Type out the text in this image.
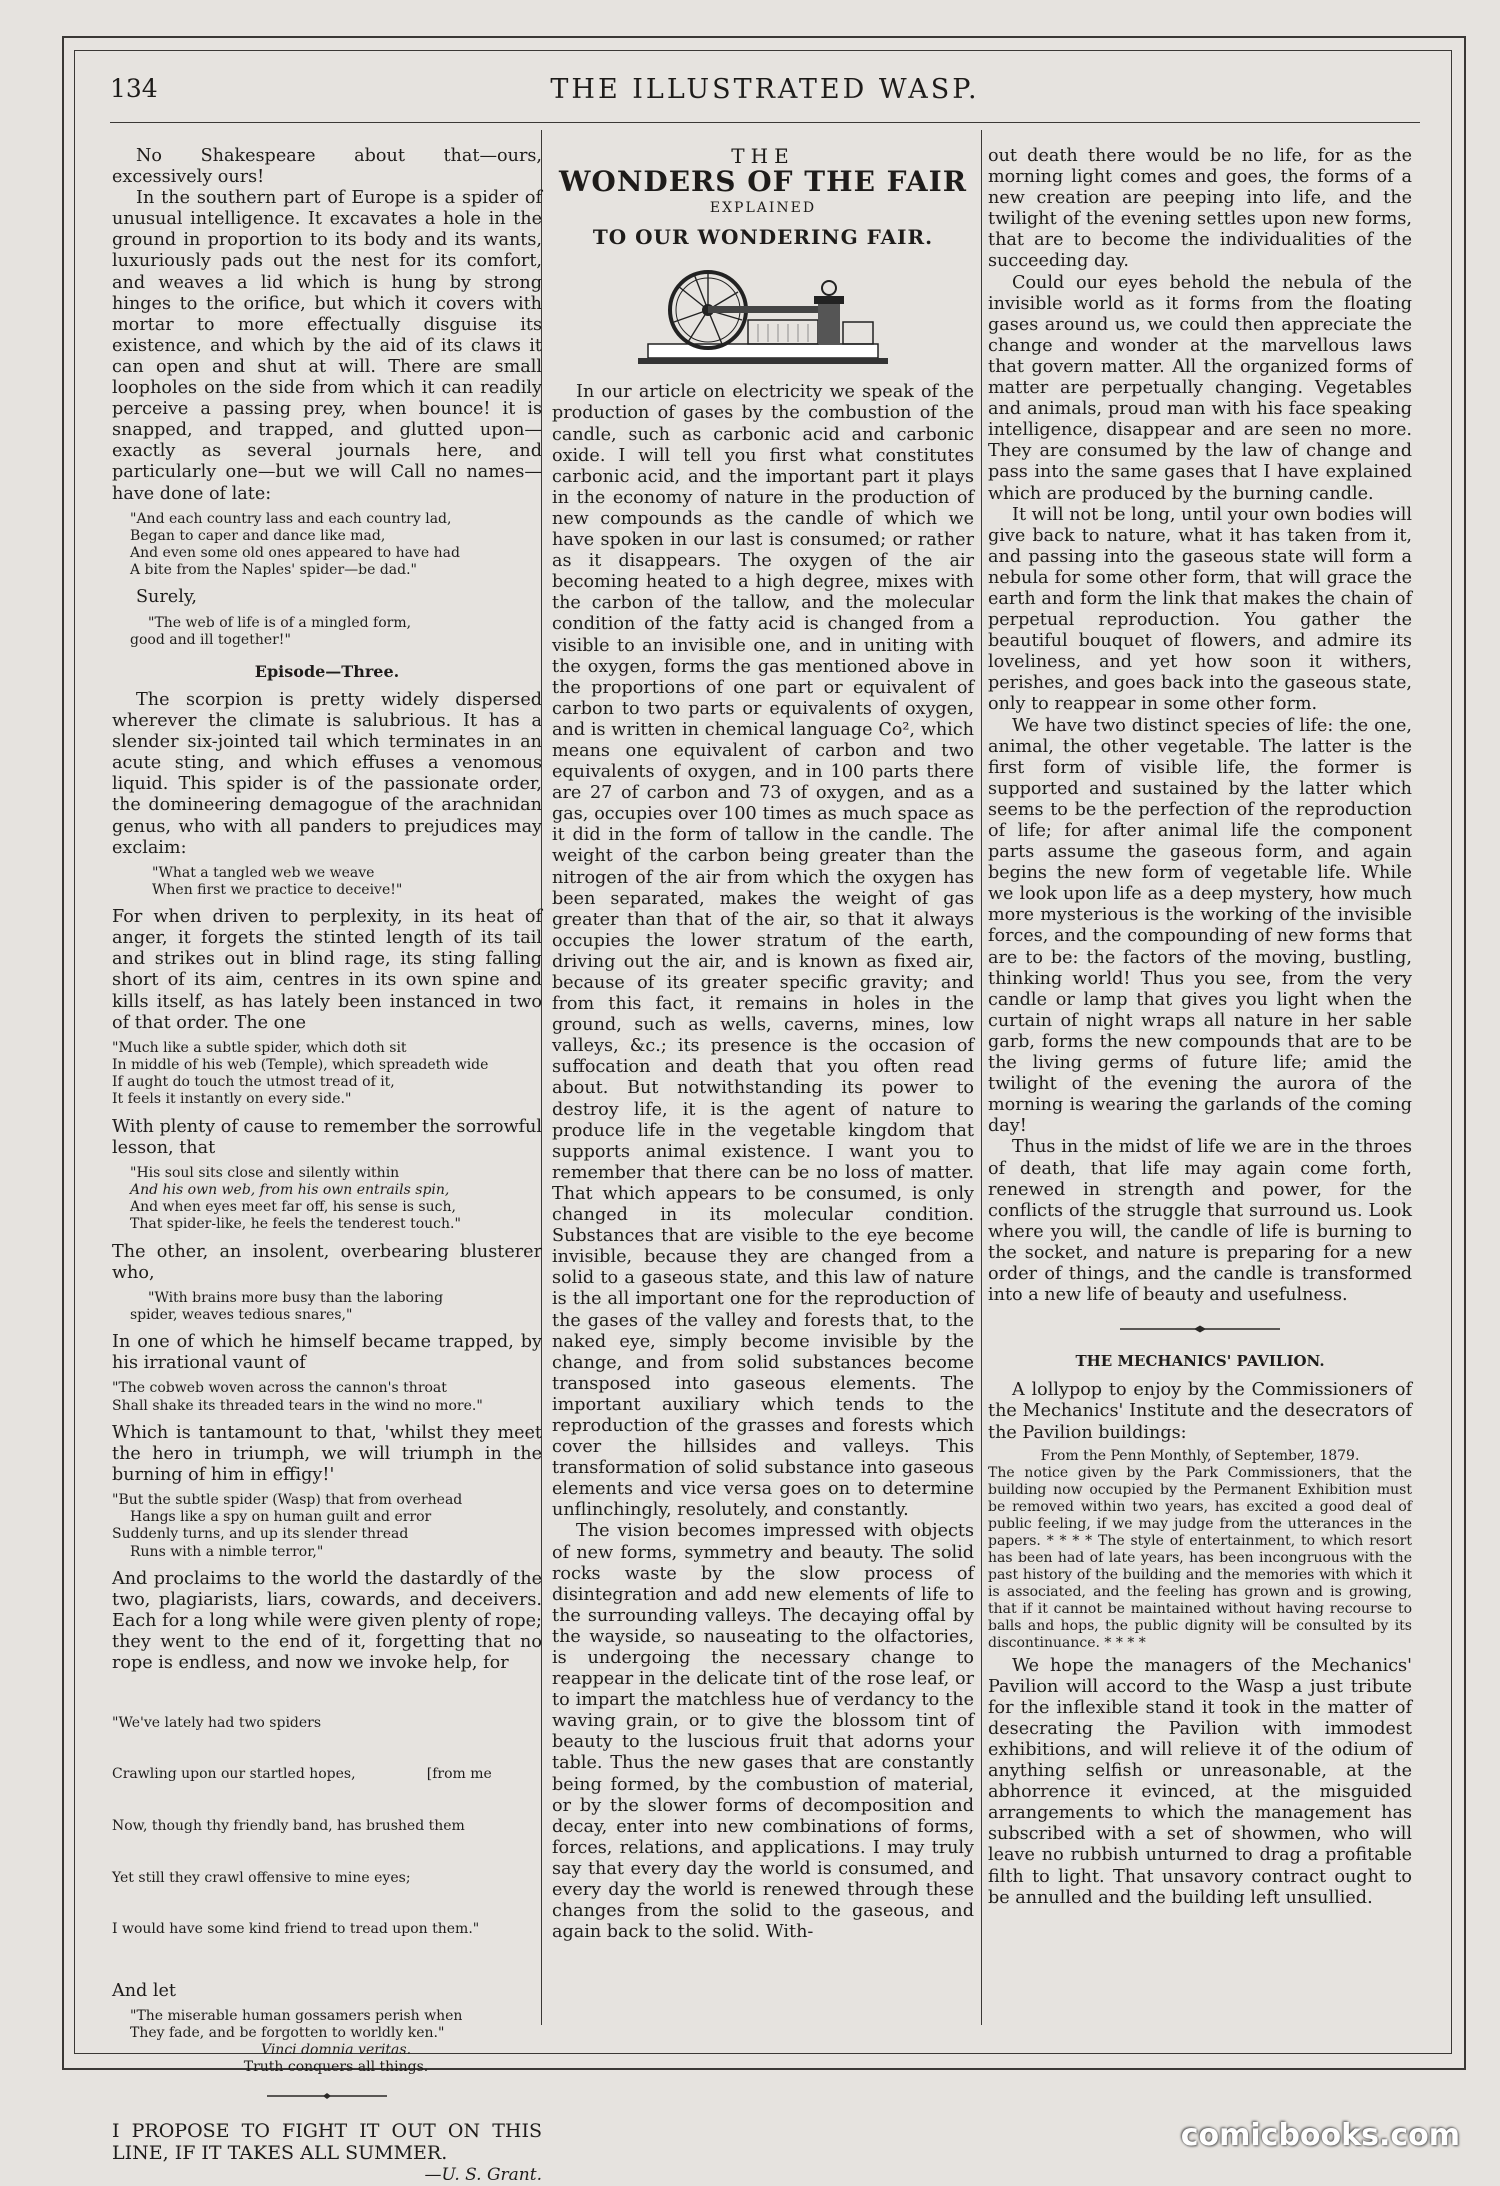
134	THE ILLUSTRATED WASP.

No Shakespeare about that—ours, excessively ours!

In the southern part of Europe is a spider of unusual intelligence. It excavates a hole in the ground in proportion to its body and its wants, luxuriously pads out the nest for its comfort, and weaves a lid which is hung by strong hinges to the orifice, but which it covers with mortar to more effectually disguise its existence, and which by the aid of its claws it can open and shut at will. There are small loopholes on the side from which it can readily perceive a passing prey, when bounce! it is snapped, and trapped, and glutted upon—exactly as several journals here, and particularly one—but we will Call no names—have done of late:

"And each country lass and each country lad,
Began to caper and dance like mad,
And even some old ones appeared to have had
A bite from the Naples' spider—be dad."

Surely,

"The web of life is of a mingled form,
good and ill together!"
Episode—Three.

The scorpion is pretty widely dispersed wherever the climate is salubrious. It has a slender six-jointed tail which terminates in an acute sting, and which effuses a venomous liquid. This spider is of the passionate order, the domineering demagogue of the arachnidan genus, who with all panders to prejudices may exclaim:

"What a tangled web we weave
When first we practice to deceive!"

For when driven to perplexity, in its heat of anger, it forgets the stinted length of its tail and strikes out in blind rage, its sting falling short of its aim, centres in its own spine and kills itself, as has lately been instanced in two of that order. The one

"Much like a subtle spider, which doth sit
In middle of his web (Temple), which spreadeth wide
If aught do touch the utmost tread of it,
It feels it instantly on every side."

With plenty of cause to remember the sorrowful lesson, that

"His soul sits close and silently within
And his own web, from his own entrails spin,
And when eyes meet far off, his sense is such,
That spider-like, he feels the tenderest touch."

The other, an insolent, overbearing blusterer who,

"With brains more busy than the laboring
spider, weaves tedious snares,"

In one of which he himself became trapped, by his irrational vaunt of

"The cobweb woven across the cannon's throat
Shall shake its threaded tears in the wind no more."

Which is tantamount to that, 'whilst they meet the hero in triumph, we will triumph in the burning of him in effigy!'

"But the subtle spider (Wasp) that from overhead
Hangs like a spy on human guilt and error
Suddenly turns, and up its slender thread
Runs with a nimble terror,"

And proclaims to the world the dastardly of the two, plagiarists, liars, cowards, and deceivers. Each for a long while were given plenty of rope; they went to the end of it, forgetting that no rope is endless, and now we invoke help, for

"We've lately had two spiders

Crawling upon our startled hopes,                [from me

Now, though thy friendly band, has brushed them

Yet still they crawl offensive to mine eyes;

I would have some kind friend to tread upon them."

And let

"The miserable human gossamers perish when
They fade, and be forgotten to worldly ken."
Vinci domnia veritas.
Truth conquers all things.
I PROPOSE TO FIGHT IT OUT ON THIS LINE, IF IT TAKES ALL SUMMER.
—U. S. Grant.
THE
WONDERS OF THE FAIR
EXPLAINED
TO OUR WONDERING FAIR.

In our article on electricity we speak of the production of gases by the combustion of the candle, such as carbonic acid and carbonic oxide. I will tell you first what constitutes carbonic acid, and the important part it plays in the economy of nature in the production of new compounds as the candle of which we have spoken in our last is consumed; or rather as it disappears. The oxygen of the air becoming heated to a high degree, mixes with the carbon of the tallow, and the molecular condition of the fatty acid is changed from a visible to an invisible one, and in uniting with the oxygen, forms the gas mentioned above in the proportions of one part or equivalent of carbon to two parts or equivalents of oxygen, and is written in chemical language Co², which means one equivalent of carbon and two equivalents of oxygen, and in 100 parts there are 27 of carbon and 73 of oxygen, and as a gas, occupies over 100 times as much space as it did in the form of tallow in the candle. The weight of the carbon being greater than the nitrogen of the air from which the oxygen has been separated, makes the weight of gas greater than that of the air, so that it always occupies the lower stratum of the earth, driving out the air, and is known as fixed air, because of its greater specific gravity; and from this fact, it remains in holes in the ground, such as wells, caverns, mines, low valleys, &c.; its presence is the occasion of suffocation and death that you often read about. But notwithstanding its power to destroy life, it is the agent of nature to produce life in the vegetable kingdom that supports animal existence. I want you to remember that there can be no loss of matter. That which appears to be consumed, is only changed in its molecular condition. Substances that are visible to the eye become invisible, because they are changed from a solid to a gaseous state, and this law of nature is the all important one for the reproduction of the gases of the valley and forests that, to the naked eye, simply become invisible by the change, and from solid substances become transposed into gaseous elements. The important auxiliary which tends to the reproduction of the grasses and forests which cover the hillsides and valleys. This transformation of solid substance into gaseous elements and vice versa goes on to determine unflinchingly, resolutely, and constantly.

The vision becomes impressed with objects of new forms, symmetry and beauty. The solid rocks waste by the slow process of disintegration and add new elements of life to the surrounding valleys. The decaying offal by the wayside, so nauseating to the olfactories, is undergoing the necessary change to reappear in the delicate tint of the rose leaf, or to impart the matchless hue of verdancy to the waving grain, or to give the blossom tint of beauty to the luscious fruit that adorns your table. Thus the new gases that are constantly being formed, by the combustion of material, or by the slower forms of decomposition and decay, enter into new combinations of forms, forces, relations, and applications. I may truly say that every day the world is consumed, and every day the world is renewed through these changes from the solid to the gaseous, and again back to the solid. With-

out death there would be no life, for as the morning light comes and goes, the forms of a new creation are peeping into life, and the twilight of the evening settles upon new forms, that are to become the individualities of the succeeding day.

Could our eyes behold the nebula of the invisible world as it forms from the floating gases around us, we could then appreciate the change and wonder at the marvellous laws that govern matter. All the organized forms of matter are perpetually changing. Vegetables and animals, proud man with his face speaking intelligence, disappear and are seen no more. They are consumed by the law of change and pass into the same gases that I have explained which are produced by the burning candle.

It will not be long, until your own bodies will give back to nature, what it has taken from it, and passing into the gaseous state will form a nebula for some other form, that will grace the earth and form the link that makes the chain of perpetual reproduction. You gather the beautiful bouquet of flowers, and admire its loveliness, and yet how soon it withers, perishes, and goes back into the gaseous state, only to reappear in some other form.

We have two distinct species of life: the one, animal, the other vegetable. The latter is the first form of visible life, the former is supported and sustained by the latter which seems to be the perfection of the reproduction of life; for after animal life the component parts assume the gaseous form, and again begins the new form of vegetable life. While we look upon life as a deep mystery, how much more mysterious is the working of the invisible forces, and the compounding of new forms that are to be: the factors of the moving, bustling, thinking world! Thus you see, from the very candle or lamp that gives you light when the curtain of night wraps all nature in her sable garb, forms the new compounds that are to be the living germs of future life; amid the twilight of the evening the aurora of the morning is wearing the garlands of the coming day!

Thus in the midst of life we are in the throes of death, that life may again come forth, renewed in strength and power, for the conflicts of the struggle that surround us. Look where you will, the candle of life is burning to the socket, and nature is preparing for a new order of things, and the candle is transformed into a new life of beauty and usefulness.

THE MECHANICS' PAVILION.

A lollypop to enjoy by the Commissioners of the Mechanics' Institute and the desecrators of the Pavilion buildings:

From the Penn Monthly, of September, 1879.
The notice given by the Park Commissioners, that the building now occupied by the Permanent Exhibition must be removed within two years, has excited a good deal of public feeling, if we may judge from the utterances in the papers. * * * * The style of entertainment, to which resort has been had of late years, has been incongruous with the past history of the building and the memories with which it is associated, and the feeling has grown and is growing, that if it cannot be maintained without having recourse to balls and hops, the public dignity will be consulted by its discontinuance. * * * *

We hope the managers of the Mechanics' Pavilion will accord to the Wasp a just tribute for the inflexible stand it took in the matter of desecrating the Pavilion with immodest exhibitions, and will relieve it of the odium of anything selfish or unreasonable, at the abhorrence it evinced, at the misguided arrangements to which the management has subscribed with a set of showmen, who will leave no rubbish unturned to drag a profitable filth to light. That unsavory contract ought to be annulled and the building left unsullied.

comicbooks.com
